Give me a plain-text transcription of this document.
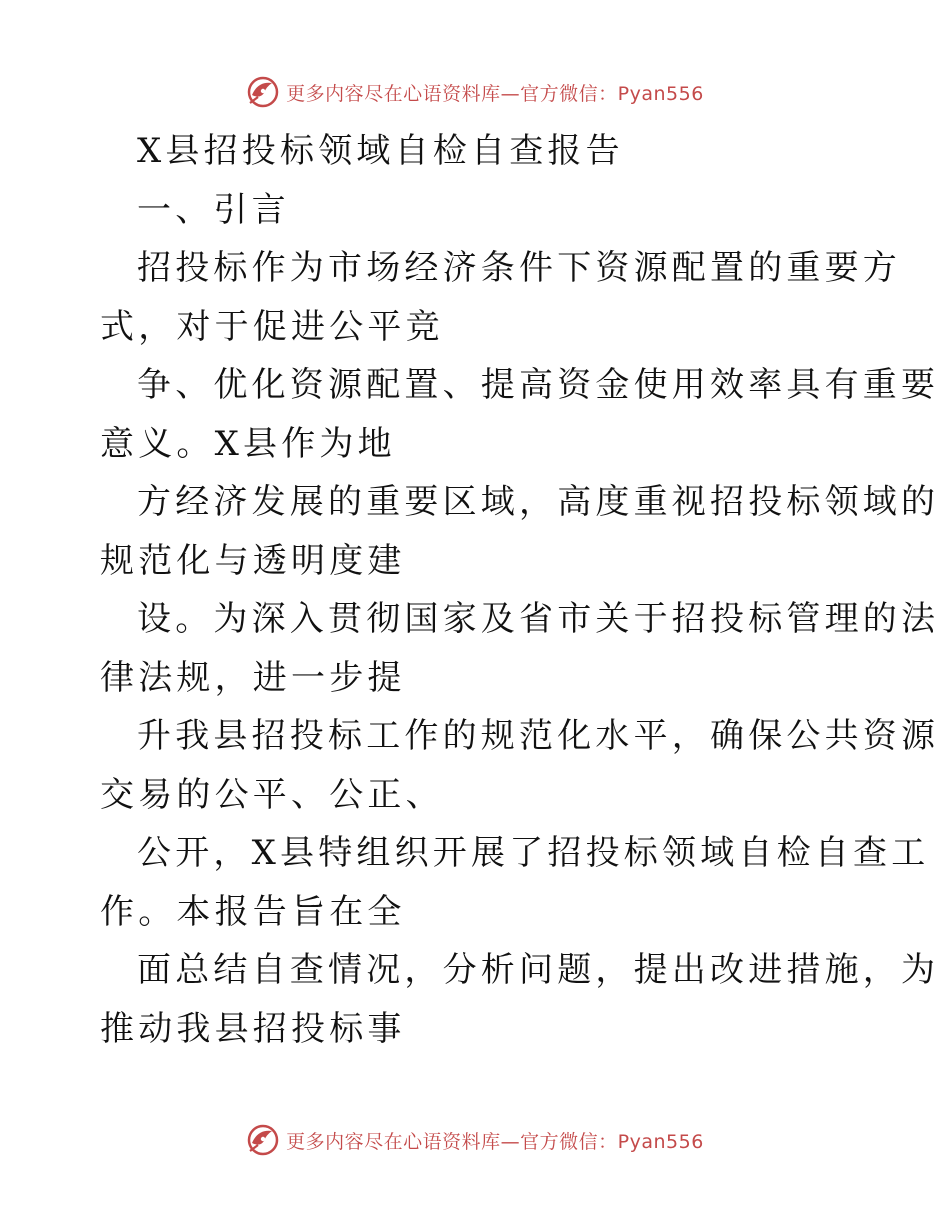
更多内容尽在心语资料库—官方微信：Pyan556
X县招投标领域自检自查报告
一、引言
招投标作为市场经济条件下资源配置的重要方
式，对于促进公平竞
争、优化资源配置、提高资金使用效率具有重要
意义。X县作为地
方经济发展的重要区域，高度重视招投标领域的
规范化与透明度建
设。为深入贯彻国家及省市关于招投标管理的法
律法规，进一步提
升我县招投标工作的规范化水平，确保公共资源
交易的公平、公正、
公开，X县特组织开展了招投标领域自检自查工
作。本报告旨在全
面总结自查情况，分析问题，提出改进措施，为
推动我县招投标事
更多内容尽在心语资料库—官方微信：Pyan556
